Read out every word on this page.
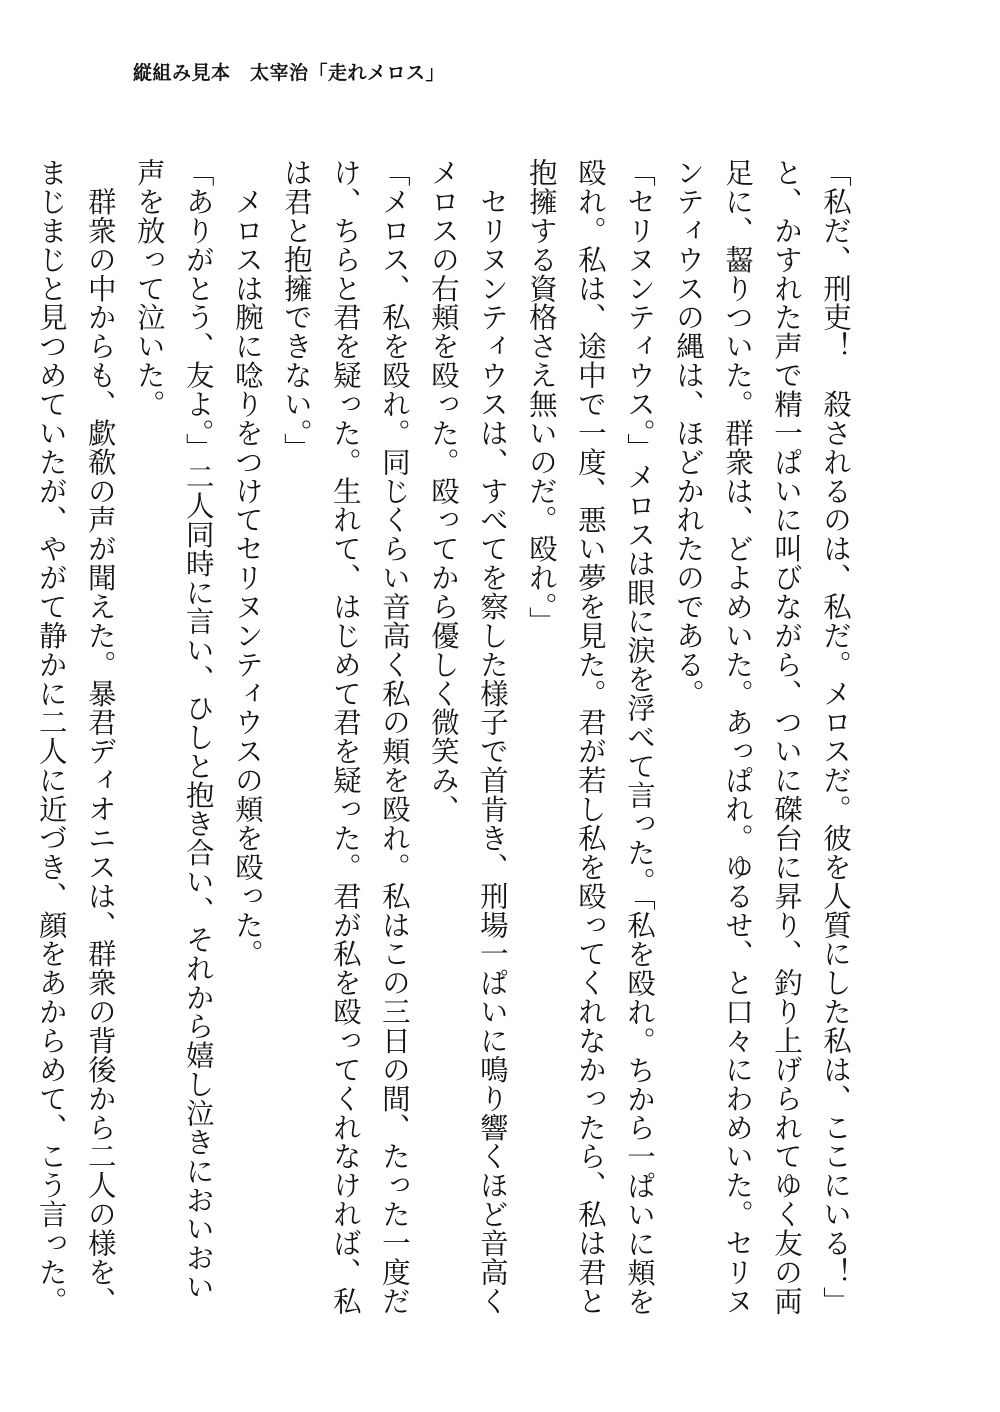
縦組み見本　太宰治「走れメロス」

「私だ、刑吏！　殺されるのは、私だ。メロスだ。彼を人質にした私は、ここにいる！」と、かすれた声で精一ぱいに叫びながら、ついに磔台に昇り、釣り上げられてゆく友の両足に、齧りついた。群衆は、どよめいた。あっぱれ。ゆるせ、と口々にわめいた。セリヌンティウスの縄は、ほどかれたのである。

「セリヌンティウス。」メロスは眼に涙を浮べて言った。「私を殴れ。ちから一ぱいに頬を殴れ。私は、途中で一度、悪い夢を見た。君が若し私を殴ってくれなかったら、私は君と抱擁する資格さえ無いのだ。殴れ。」

　セリヌンティウスは、すべてを察した様子で首肯き、刑場一ぱいに鳴り響くほど音高くメロスの右頬を殴った。殴ってから優しく微笑み、

「メロス、私を殴れ。同じくらい音高く私の頬を殴れ。私はこの三日の間、たった一度だけ、ちらと君を疑った。生れて、はじめて君を疑った。君が私を殴ってくれなければ、私は君と抱擁できない。」

　メロスは腕に唸りをつけてセリヌンティウスの頬を殴った。

「ありがとう、友よ。」二人同時に言い、ひしと抱き合い、それから嬉し泣きにおいおい声を放って泣いた。

　群衆の中からも、歔欷の声が聞えた。暴君ディオニスは、群衆の背後から二人の様を、まじまじと見つめていたが、やがて静かに二人に近づき、顔をあからめて、こう言った。
